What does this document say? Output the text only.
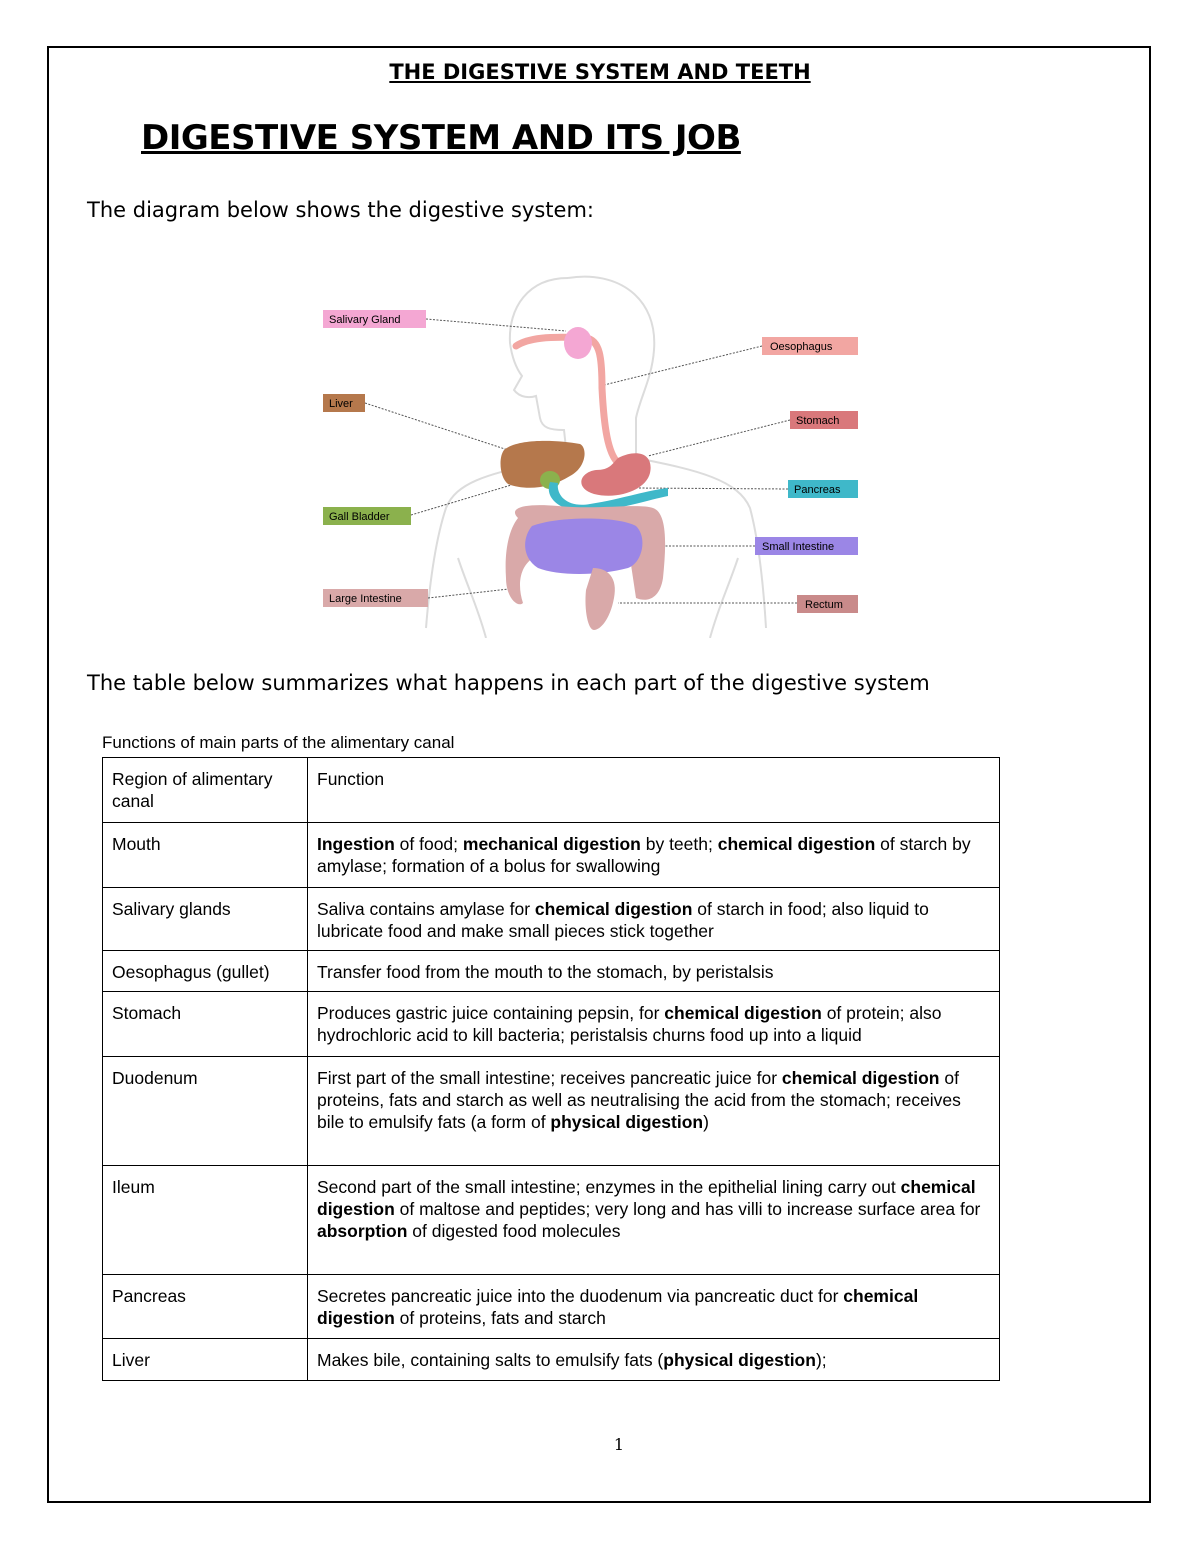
THE DIGESTIVE SYSTEM AND TEETH
DIGESTIVE SYSTEM AND ITS JOB
The diagram below shows the digestive system:
Salivary Gland
Liver
Gall Bladder
Large Intestine
Oesophagus
Stomach
Pancreas
Small Intestine
Rectum
The table below summarizes what happens in each part of the digestive system
Functions of main parts of the alimentary canal
Region of alimentary canal	Function
Mouth	Ingestion of food; mechanical digestion by teeth; chemical digestion of starch by amylase; formation of a bolus for swallowing
Salivary glands	Saliva contains amylase for chemical digestion of starch in food; also liquid to lubricate food and make small pieces stick together
Oesophagus (gullet)	Transfer food from the mouth to the stomach, by peristalsis
Stomach	Produces gastric juice containing pepsin, for chemical digestion of protein; also hydrochloric acid to kill bacteria; peristalsis churns food up into a liquid
Duodenum	First part of the small intestine; receives pancreatic juice for chemical digestion of proteins, fats and starch as well as neutralising the acid from the stomach; receives bile to emulsify fats (a form of physical digestion)
Ileum	Second part of the small intestine; enzymes in the epithelial lining carry out chemical digestion of maltose and peptides; very long and has villi to increase surface area for absorption of digested food molecules
Pancreas	Secretes pancreatic juice into the duodenum via pancreatic duct for chemical digestion of proteins, fats and starch
Liver	Makes bile, containing salts to emulsify fats (physical digestion);
1
